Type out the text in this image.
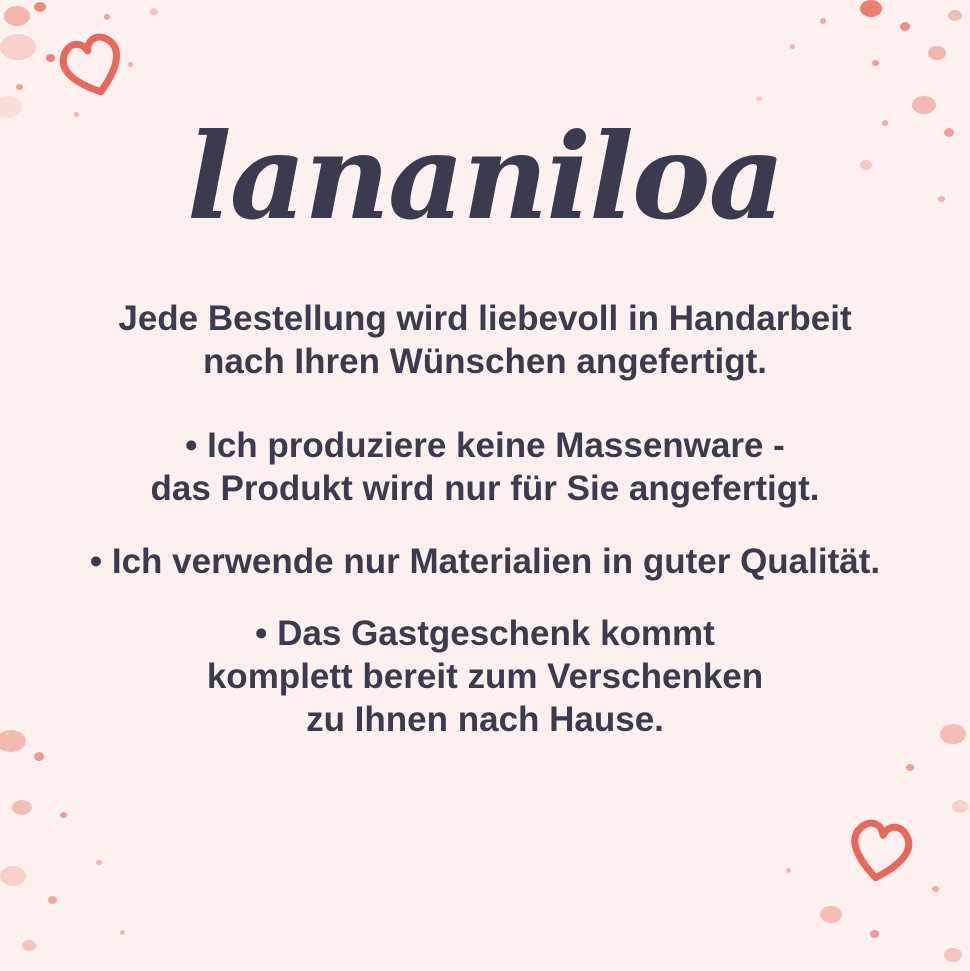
lananiloa
Jede Bestellung wird liebevoll in Handarbeit
nach Ihren Wünschen angefertigt.
• Ich produziere keine Massenware -
das Produkt wird nur für Sie angefertigt.
• Ich verwende nur Materialien in guter Qualität.
• Das Gastgeschenk kommt
komplett bereit zum Verschenken
zu Ihnen nach Hause.
